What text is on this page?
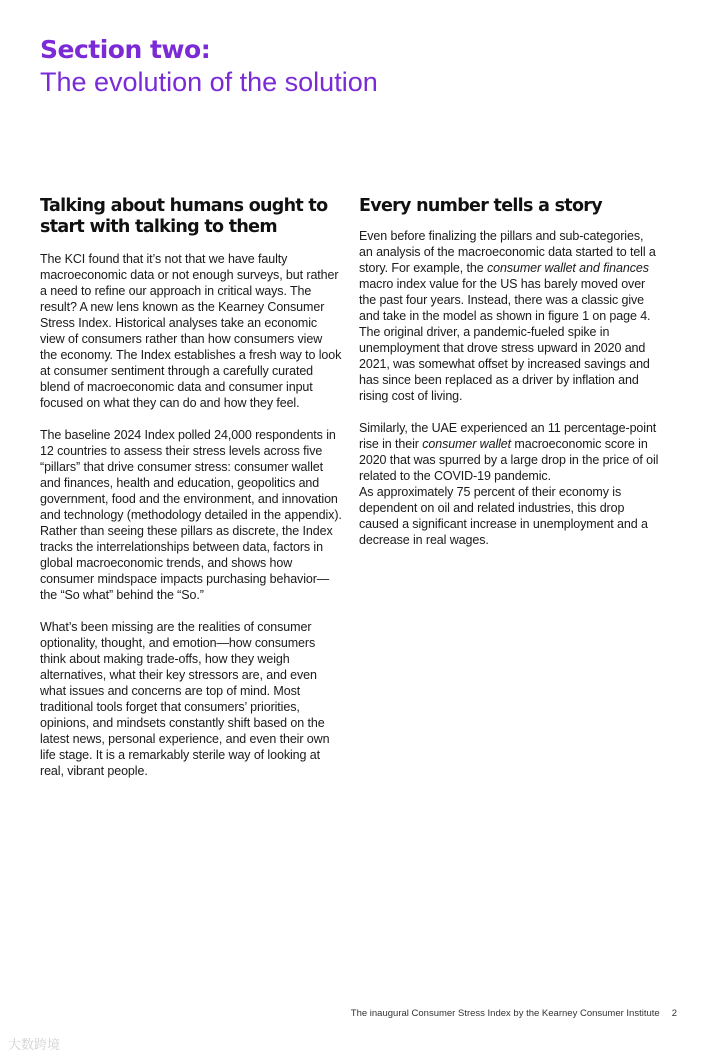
Section two:
The evolution of the solution
Talking about humans ought to start with talking to them

The KCI found that it’s not that we have faulty macroeconomic data or not enough surveys, but rather a need to refine our approach in critical ways. The result? A new lens known as the Kearney Consumer Stress Index. Historical analyses take an economic view of consumers rather than how consumers view the economy. The Index establishes a fresh way to look at consumer sentiment through a carefully curated blend of macroeconomic data and consumer input focused on what they can do and how they feel.

The baseline 2024 Index polled 24,000 respondents in 12 countries to assess their stress levels across five “pillars” that drive consumer stress: consumer wallet and finances, health and education, geopolitics and government, food and the environment, and innovation and technology (methodology detailed in the appendix). Rather than seeing these pillars as discrete, the Index tracks the interrelationships between data, factors in global macroeconomic trends, and shows how consumer mindspace impacts purchasing behavior—the “So what” behind the “So.”

What’s been missing are the realities of consumer optionality, thought, and emotion—how consumers think about making trade-offs, how they weigh alternatives, what their key stressors are, and even what issues and concerns are top of mind. Most traditional tools forget that consumers’ priorities, opinions, and mindsets constantly shift based on the latest news, personal experience, and even their own life stage. It is a remarkably sterile way of looking at real, vibrant people.

Every number tells a story

Even before finalizing the pillars and sub-categories, an analysis of the macroeconomic data started to tell a story. For example, the consumer wallet and finances macro index value for the US has barely moved over the past four years. Instead, there was a classic give and take in the model as shown in figure 1 on page 4. The original driver, a pandemic-fueled spike in unemployment that drove stress upward in 2020 and 2021, was somewhat offset by increased savings and has since been replaced as a driver by inflation and rising cost of living.

Similarly, the UAE experienced an 11 percentage-point rise in their consumer wallet macroeconomic score in 2020 that was spurred by a large drop in the price of oil related to the COVID-19 pandemic.

As approximately 75 percent of their economy is dependent on oil and related industries, this drop caused a significant increase in unemployment and a decrease in real wages.

The inaugural Consumer Stress Index by the Kearney Consumer Institute 2
大数跨境
